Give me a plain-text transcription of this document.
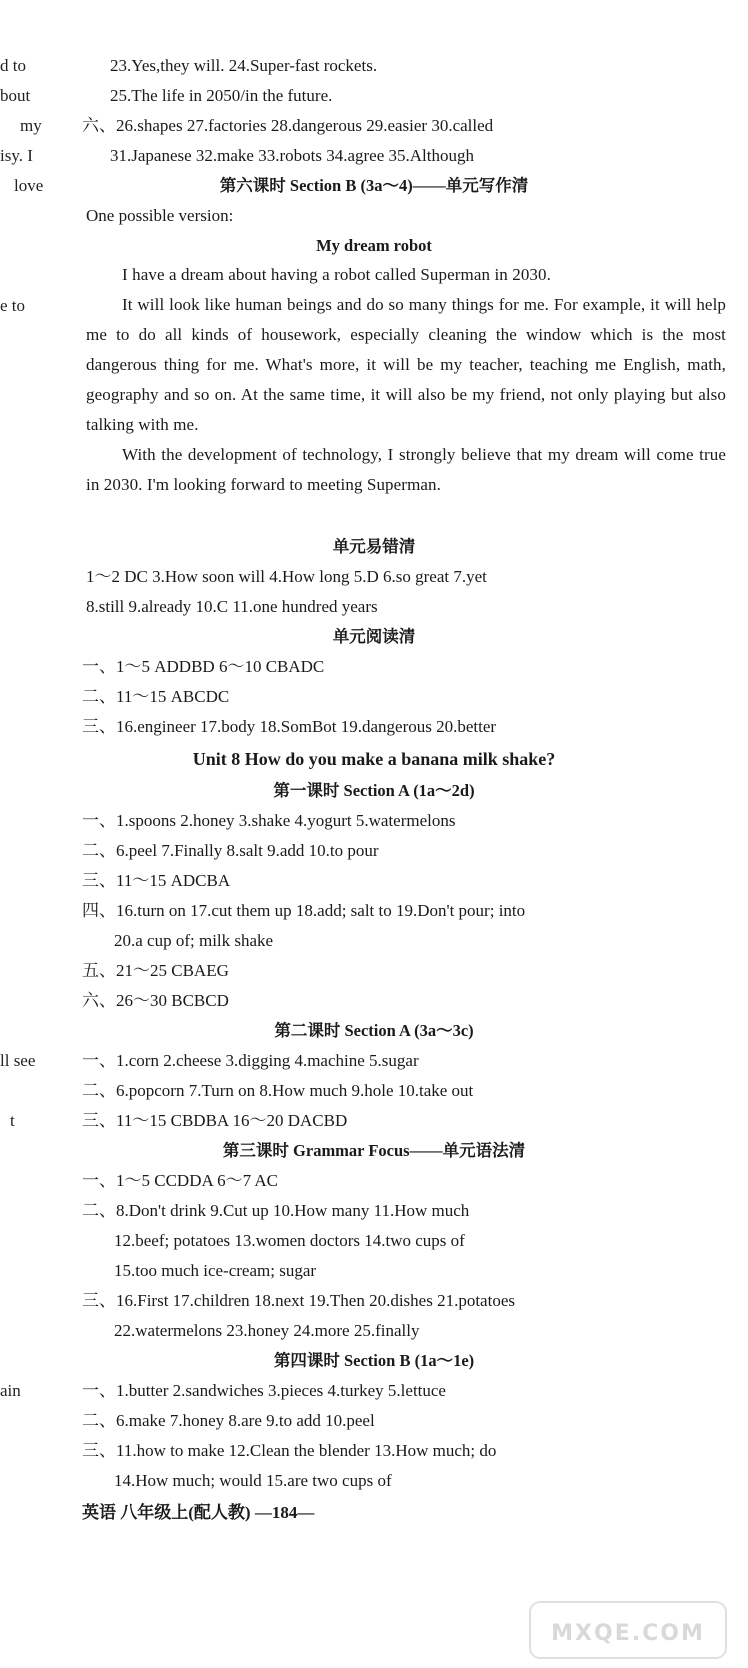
d to
bout
my
isy. I
love
e to
ll see
t
ain
23.Yes,they will. 24.Super-fast rockets.
25.The life in 2050/in the future.
六、26.shapes 27.factories 28.dangerous 29.easier 30.called
31.Japanese 32.make 33.robots 34.agree 35.Although
第六课时 Section B (3a～4)——单元写作清
One possible version:
My dream robot

I have a dream about having a robot called Superman in 2030.

It will look like human beings and do so many things for me. For example, it will help me to do all kinds of housework, especially cleaning the window which is the most dangerous thing for me. What's more, it will be my teacher, teaching me English, math, geography and so on. At the same time, it will also be my friend, not only playing but also talking with me.

With the development of technology, I strongly believe that my dream will come true in 2030. I'm looking forward to meeting Superman.

单元易错清
1～2 DC 3.How soon will 4.How long 5.D 6.so great 7.yet
8.still 9.already 10.C 11.one hundred years
单元阅读清
一、1～5 ADDBD 6～10 CBADC
二、11～15 ABCDC
三、16.engineer 17.body 18.SomBot 19.dangerous 20.better
Unit 8 How do you make a banana milk shake?
第一课时 Section A (1a～2d)
一、1.spoons 2.honey 3.shake 4.yogurt 5.watermelons
二、6.peel 7.Finally 8.salt 9.add 10.to pour
三、11～15 ADCBA
四、16.turn on 17.cut them up 18.add; salt to 19.Don't pour; into
20.a cup of; milk shake
五、21～25 CBAEG
六、26～30 BCBCD
第二课时 Section A (3a～3c)
一、1.corn 2.cheese 3.digging 4.machine 5.sugar
二、6.popcorn 7.Turn on 8.How much 9.hole 10.take out
三、11～15 CBDBA 16～20 DACBD
第三课时 Grammar Focus——单元语法清
一、1～5 CCDDA 6～7 AC
二、8.Don't drink 9.Cut up 10.How many 11.How much
12.beef; potatoes 13.women doctors 14.two cups of
15.too much ice-cream; sugar
三、16.First 17.children 18.next 19.Then 20.dishes 21.potatoes
22.watermelons 23.honey 24.more 25.finally
第四课时 Section B (1a～1e)
一、1.butter 2.sandwiches 3.pieces 4.turkey 5.lettuce
二、6.make 7.honey 8.are 9.to add 10.peel
三、11.how to make 12.Clean the blender 13.How much; do
14.How much; would 15.are two cups of
英语 八年级上(配人教) —184—
MXQE.COM
